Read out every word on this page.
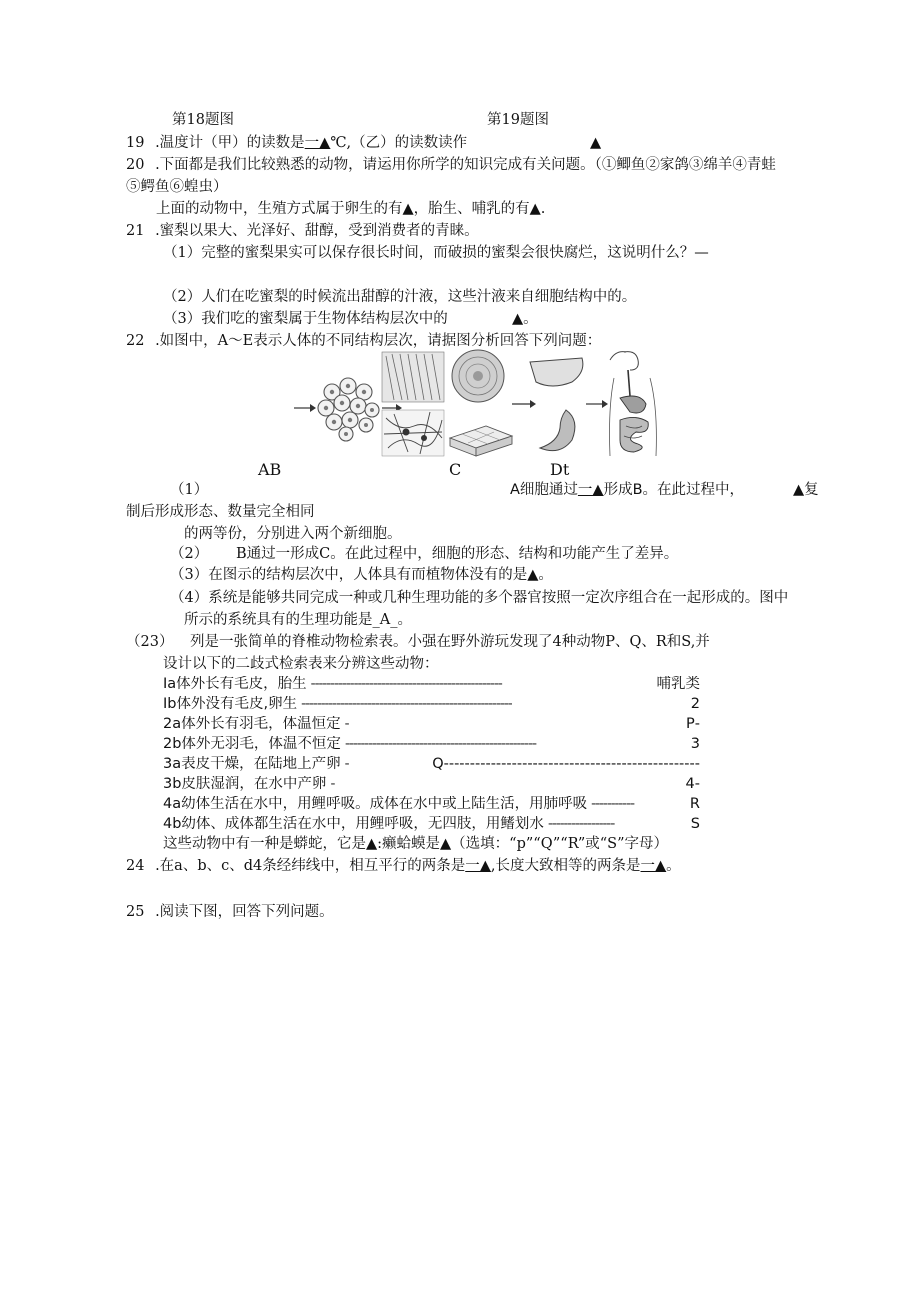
第18题图	第19题图
19 .温度计（甲）的读数是一▲℃,（乙）的读数读作	▲
20 .下面都是我们比较熟悉的动物，请运用你所学的知识完成有关问题。（①鲫鱼②家鸽③绵羊④青蛙
⑤鳄鱼⑥蝗虫）
上面的动物中，生殖方式属于卵生的有▲，胎生、哺乳的有▲.
21 .蜜梨以果大、光泽好、甜醇，受到消费者的青睐。
（1）完整的蜜梨果实可以保存很长时间，而破损的蜜梨会很快腐烂，这说明什么？—
（2）人们在吃蜜梨的时候流出甜醇的汁液，这些汁液来自细胞结构中的。
（3）我们吃的蜜梨属于生物体结构层次中的	▲。
22 .如图中，A～E表示人体的不同结构层次，请据图分析回答下列问题：
AB	C	Dt
（1）	A细胞通过一▲形成B。在此过程中，	▲复
制后形成形态、数量完全相同
的两等份，分别进入两个新细胞。
（2） B通过一形成C。在此过程中，细胞的形态、结构和功能产生了差异。
（3）在图示的结构层次中，人体具有而植物体没有的是▲。
（4）系统是能够共同完成一种或几种生理功能的多个器官按照一定次序组合在一起形成的。图中
所示的系统具有的生理功能是_A_。
（23） 列是一张简单的脊椎动物检索表。小强在野外游玩发现了4种动物P、Q、R和S,并
设计以下的二歧式检索表来分辨这些动物：
Ia体外长有毛皮，胎生 -------------------------------------------------	哺乳类
Ib体外没有毛皮,卵生 ------------------------------------------------------	2
2a体外长有羽毛，体温恒定 -	-P
2b体外无羽毛，体温不恒定 -------------------------------------------------	3
3a表皮干燥，在陆地上产卵 -	-------------------------------------------------Q
3b皮肤湿润，在水中产卵 -	-4
4a幼体生活在水中，用鲤呼吸。成体在水中或上陆生活，用肺呼吸 -----------	R
4b幼体、成体都生活在水中，用鲤呼吸，无四肢，用鳍划水 -----------------	S
这些动物中有一种是蟒蛇，它是▲:癞蛤蟆是▲（选填：“p”“Q”“R”或“S”字母）
24 .在a、b、c、d4条经纬线中，相互平行的两条是一▲,长度大致相等的两条是一▲。
25 .阅读下图，回答下列问题。
